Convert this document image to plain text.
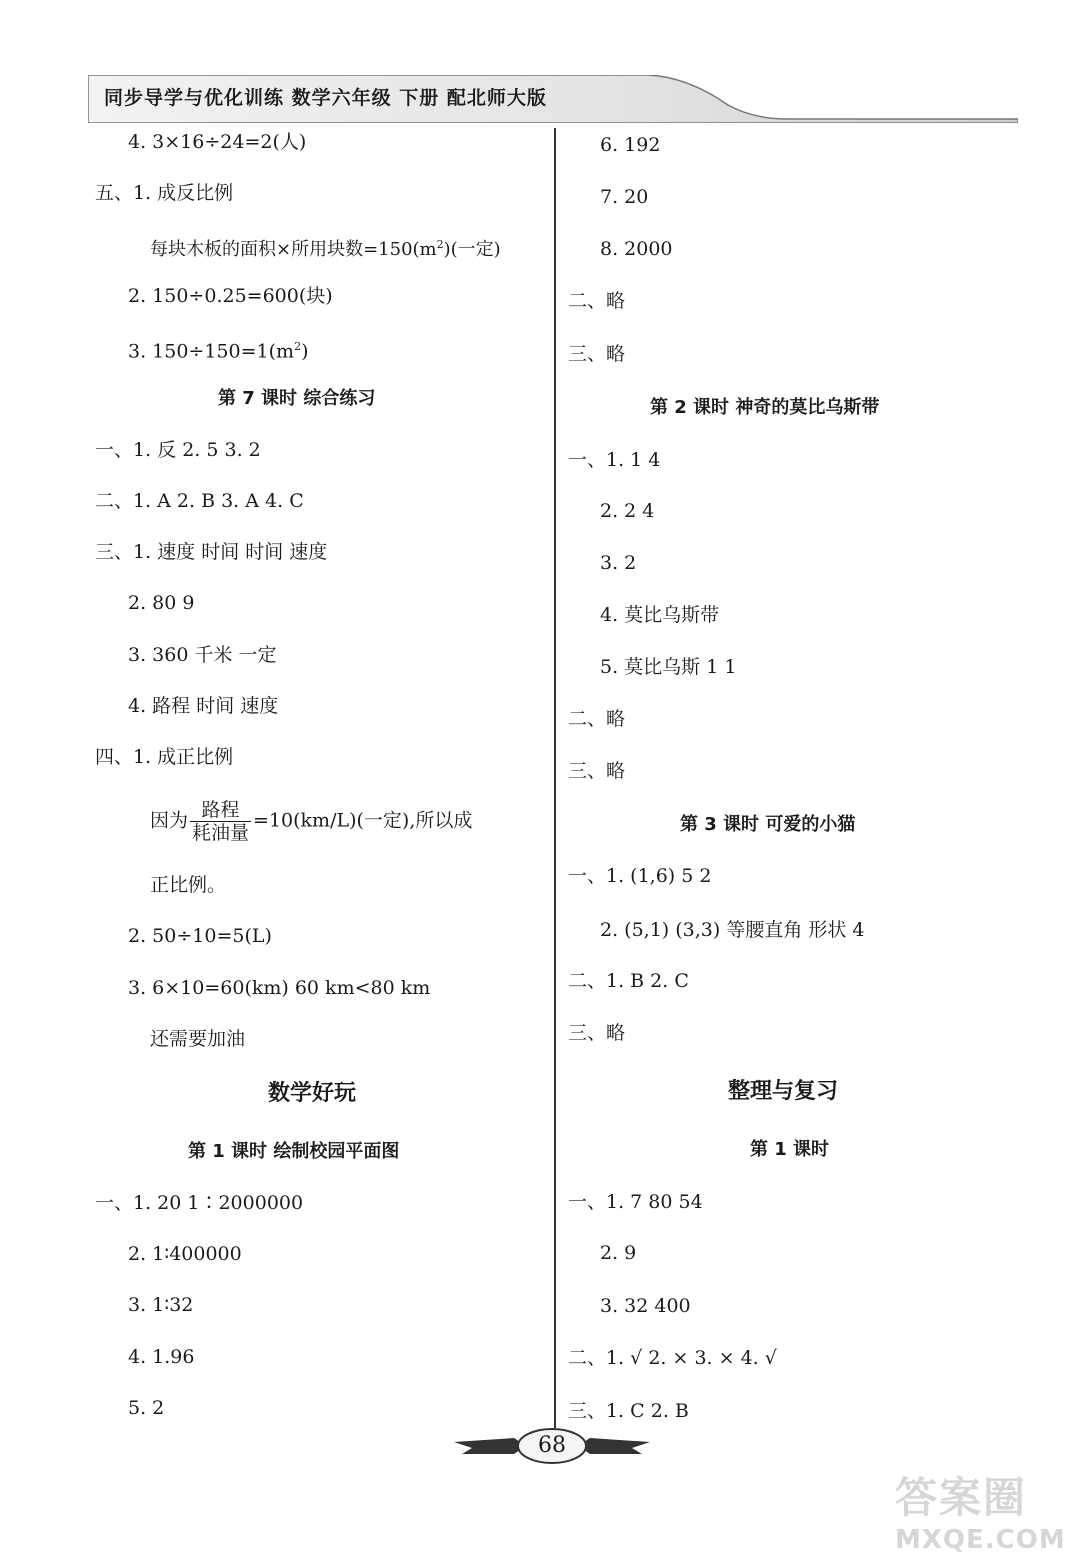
同步导学与优化训练 数学六年级 下册 配北师大版
4. 3×16÷24=2(人)
五、1. 成反比例
每块木板的面积×所用块数$=150(m^2)$(一定)
2. 150÷0.25=600(块)
3. $150\div 150=1(m^2)$
第 7 课时 综合练习
一、1. 反 2. 5 3. 2
二、1. A 2. B 3. A 4. C
三、1. 速度 时间 时间 速度
2. 80 9
3. 360 千米 一定
4. 路程 时间 速度
四、1. 成正比例
因为 $\frac{\text{路程}}{\text{耗油量}} =10(km/L)$(一定),所以成
正比例。
2. 50÷10=5(L)
3. 6×10=60(km) 60 km<80 km
还需要加油
数学好玩
第 1 课时 绘制校园平面图
一、1. 20 1∶2000000
2. 1∶400000
3. 1∶32
4. 1.96
5. 2
6. 192
7. 20
8. 2000
二、略
三、略
第 2 课时 神奇的莫比乌斯带
一、1. 1 4
2. 2 4
3. 2
4. 莫比乌斯带
5. 莫比乌斯 1 1
二、略
三、略
第 3 课时 可爱的小猫
一、1. (1,6) 5 2
2. (5,1) (3,3) 等腰直角 形状 4
二、1. B 2. C
三、略
整理与复习
第 1 课时
一、1. 7 80 54
2. 9
3. 32 400
二、1. √ 2. × 3. × 4. √
三、1. C 2. B
68
答案圈
MXQE.COM
